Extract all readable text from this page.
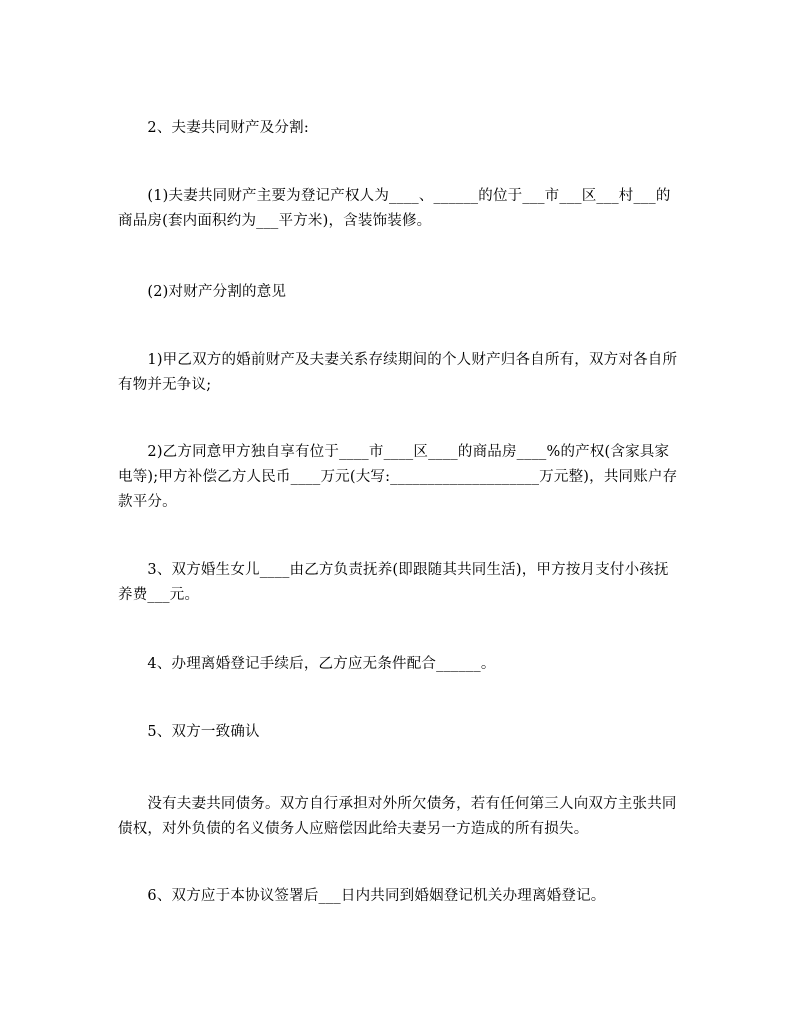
　　2、夫妻共同财产及分割:

　　(1)夫妻共同财产主要为登记产权人为____、______的位于___市___区___村___的商品房(套内面积约为___平方米)，含装饰装修。

　　(2)对财产分割的意见

　　1)甲乙双方的婚前财产及夫妻关系存续期间的个人财产归各自所有，双方对各自所有物并无争议;

　　2)乙方同意甲方独自享有位于____市____区____的商品房____%的产权(含家具家电等);甲方补偿乙方人民币____万元(大写:____________________万元整)，共同账户存款平分。

　　3、双方婚生女儿____由乙方负责抚养(即跟随其共同生活)，甲方按月支付小孩抚养费___元。

　　4、办理离婚登记手续后，乙方应无条件配合______。

　　5、双方一致确认

　　没有夫妻共同债务。双方自行承担对外所欠债务，若有任何第三人向双方主张共同债权，对外负债的名义债务人应赔偿因此给夫妻另一方造成的所有损失。

　　6、双方应于本协议签署后___日内共同到婚姻登记机关办理离婚登记。
